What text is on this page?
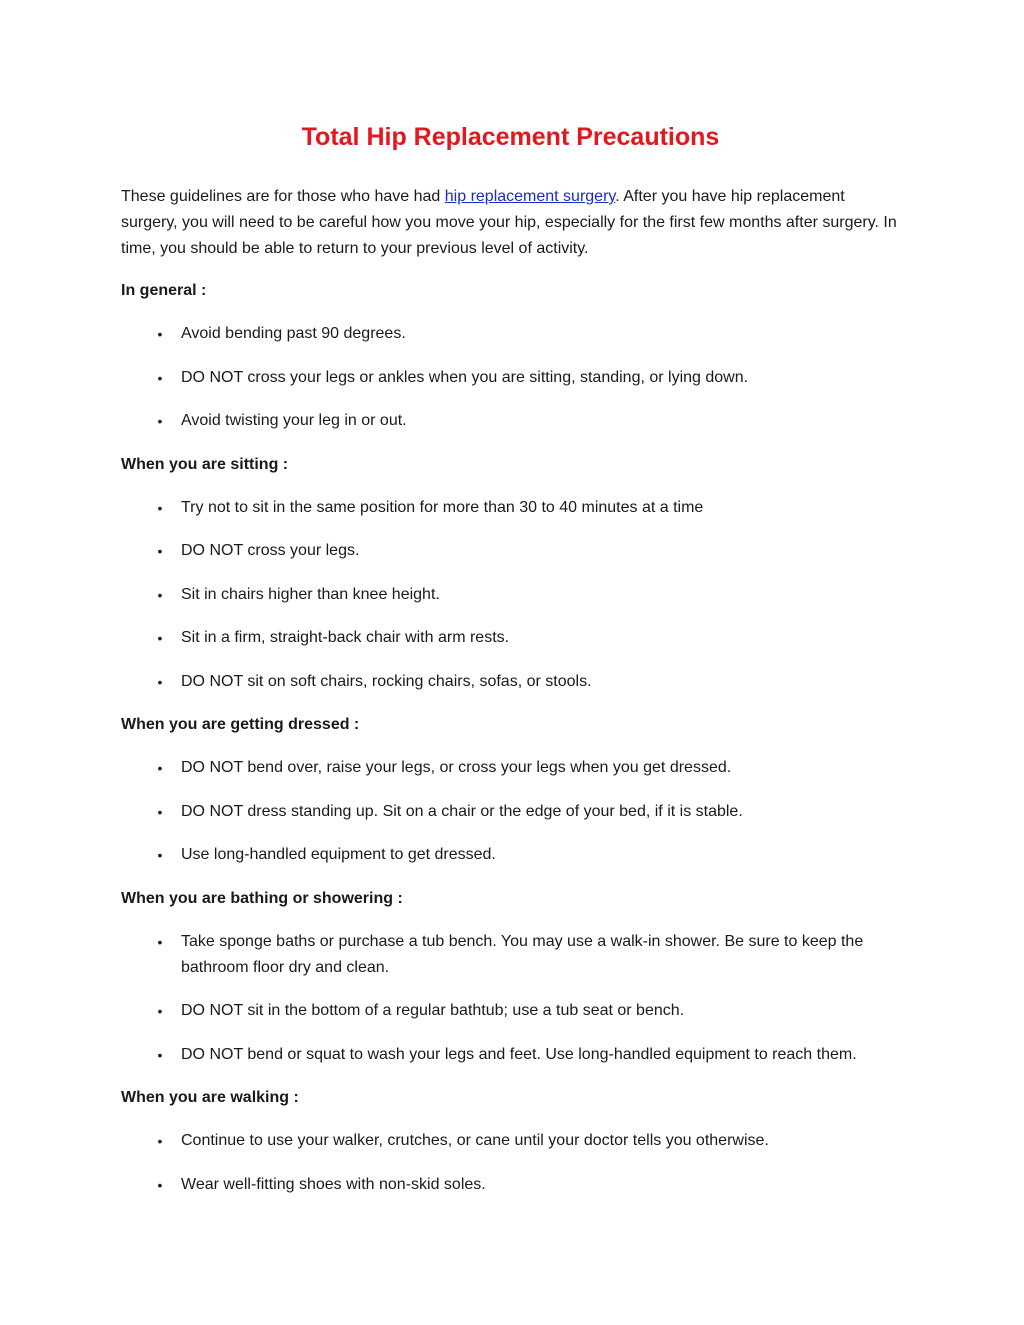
Total Hip Replacement Precautions

These guidelines are for those who have had hip replacement surgery. After you have hip replacement surgery, you will need to be careful how you move your hip, especially for the first few months after surgery. In time, you should be able to return to your previous level of activity.

In general :

•	Avoid bending past 90 degrees.
•	DO NOT cross your legs or ankles when you are sitting, standing, or lying down.
•	Avoid twisting your leg in or out.

When you are sitting :

•	Try not to sit in the same position for more than 30 to 40 minutes at a time
•	DO NOT cross your legs.
•	Sit in chairs higher than knee height.
•	Sit in a firm, straight-back chair with arm rests.
•	DO NOT sit on soft chairs, rocking chairs, sofas, or stools.

When you are getting dressed :

•	DO NOT bend over, raise your legs, or cross your legs when you get dressed.
•	DO NOT dress standing up. Sit on a chair or the edge of your bed, if it is stable.
•	Use long-handled equipment to get dressed.

When you are bathing or showering :

•	Take sponge baths or purchase a tub bench. You may use a walk-in shower. Be sure to keep the bathroom floor dry and clean.
•	DO NOT sit in the bottom of a regular bathtub; use a tub seat or bench.
•	DO NOT bend or squat to wash your legs and feet. Use long-handled equipment to reach them.

When you are walking :

•	Continue to use your walker, crutches, or cane until your doctor tells you otherwise.
•	Wear well-fitting shoes with non-skid soles.
